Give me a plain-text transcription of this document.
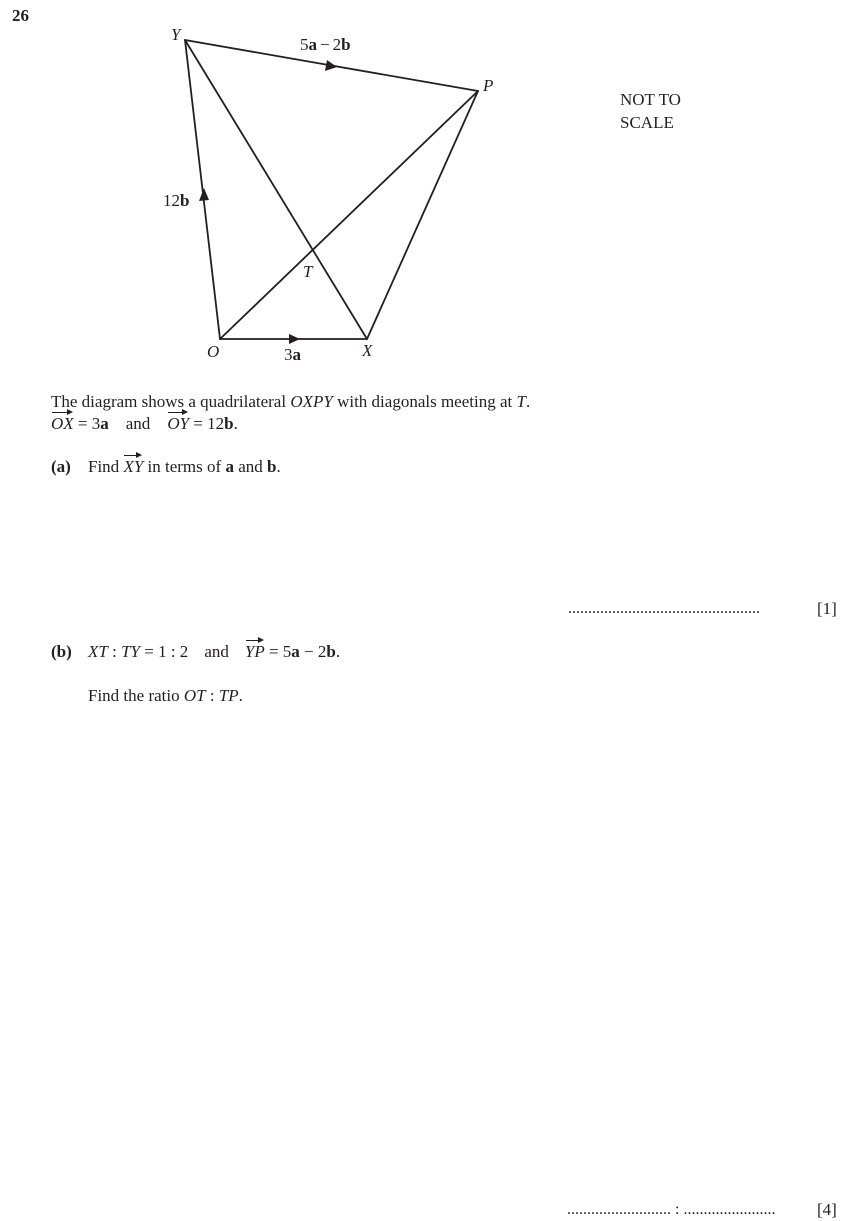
26
Y
P
O	X
T
5a − 2b
12b
3a
NOT TO
SCALE
The diagram shows a quadrilateral OXPY with diagonals meeting at T.
OX = 3a and OY = 12b.
(a) Find XY in terms of a and b.
................................................	[1]
(b) XT : TY = 1 : 2 and YP = 5a − 2b.
Find the ratio OT : TP.
.......................... : ....................... [4]
